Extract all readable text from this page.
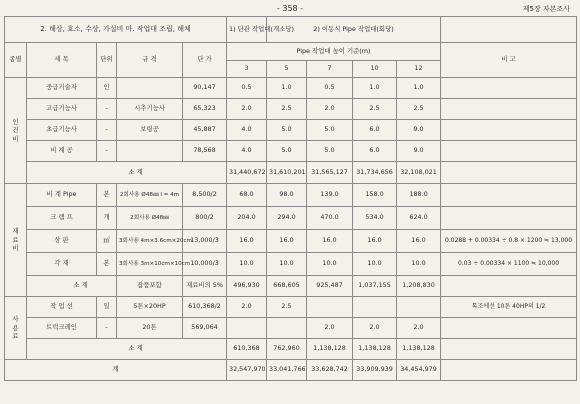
- 358 -	제5장 자본조사
2. 해상, 호소, 수상, 가설비 마. 작업대 조립, 해체					1) 단관 작업대(개소당)	2) 이동식 Pipe 작업대(회당)				
종별	세 목	단위	규 격	단 가	Pipe 작업대 높이 기준(m)					비 고
					3	5	7	10	12	

인
건
비	중급기술자	인		90,147	0.5	1.0	0.5	1.0	1.0	
	고급기능사	-	시추기능사	65,323	2.0	2.5	2.0	2.5	2.5	
	초급기능사	-	보링공	45,887	4.0	5.0	5.0	6.0	9.0	
	비 계 공	-		78,568	4.0	5.0	5.0	6.0	9.0	
	소 계				31,440,672	31,610,201	31,565,127	31,734,656	32,108,021	

재
료
비	비 계 Pipe	본	2회사용 Ø48㎜ l = 4m	8,500/2	68.0	98.0	139.0	158.0	188.0	
	크 램 프	개	2회사용 Ø48㎜	800/2	204.0	294.0	470.0	534.0	624.0	
	상 판	㎥	3회사용 4m×3.6cm×20cm	13,000/3	16.0	16.0	16.0	16.0	16.0	0.0288 + 0.00334 ÷ 0.8 × 1200 ≒ 13,000
	각 재	본	3회사용 3m×10cm×10cm	10,000/3	10.0	10.0	10.0	10.0	10.0	0.03 ÷ 0.00334 × 1100 ≒ 10,000
	소 계		잡품포함	재료비의 5%	496,930	668,605	925,487	1,037,155	1,208,830	

사
용
료	작 업 선	일	5톤×20HP	610,368/2	2.0	2.5				톡조에선 10톤 40HP의 1/2
	트럭크레인	-	20톤	569,064			2.0	2.0	2.0	
	소 계				610,368	762,960	1,138,128	1,138,128	1,138,128	
계					32,547,970	33,041,766	33,628,742	33,909,939	34,454,979	
